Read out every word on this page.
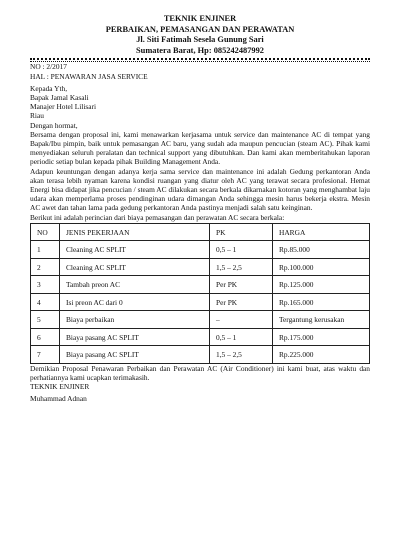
TEKNIK ENJINER
PERBAIKAN, PEMASANGAN DAN PERAWATAN
Jl. Siti Fatimah Sesela Gunung Sari
Sumatera Barat, Hp: 085242487992
NO : 2/2017
HAL : PENAWARAN JASA SERVICE
Kepada Yth,
Bapak Jamal Kasali
Manajer Hotel Lilisari
Riau
Dengan hormat,
Bersama dengan proposal ini, kami menawarkan kerjasama untuk service dan maintenance AC di tempat yang Bapak/Ibu pimpin, baik untuk pemasangan AC baru, yang sudah ada maupun pencucian (steam AC). Pihak kami menyediakan seluruh peralatan dan technical support yang dibutuhkan. Dan kami akan memberitahukan laporan periodic setiap bulan kepada pihak Building Management Anda.
Adapun keuntungan dengan adanya kerja sama service dan maintenance ini adalah Gedung perkantoran Anda akan terasa lebih nyaman karena kondisi ruangan yang diatur oleh AC yang terawat secara profesional. Hemat Energi bisa didapat jika pencucian / steam AC dilakukan secara berkala dikarnakan kotoran yang menghambat laju udara akan memperlama proses pendinginan udara dimangan Anda sehingga mesin harus bekerja ekstra. Mesin AC awet dan tahan lama pada gedung perkantoran Anda pastinya menjadi salah satu keinginan.
Berikut ini adalah perincian dari biaya pemasangan dan perawatan AC secara berkala:
NO	JENIS PEKERJAAN	PK	HARGA
1	Cleaning AC SPLIT	0,5 – 1	Rp.85.000
2	Cleaning AC SPLIT	1,5 – 2,5	Rp.100.000
3	Tambah preon AC	Per PK	Rp.125.000
4	Isi preon AC dari 0	Per PK	Rp.165.000
5	Biaya perbaikan	–	Tergantung kerusakan
6	Biaya pasang AC SPLIT	0,5 – 1	Rp.175.000
7	Biaya pasang AC SPLIT	1,5 – 2,5	Rp.225.000
Demikian Proposal Penawaran Perbaikan dan Perawatan AC (Air Conditioner) ini kami buat, atas waktu dan perhatiannya kami ucapkan terimakasih.
TEKNIK ENJINER
Muhammad Adnan
